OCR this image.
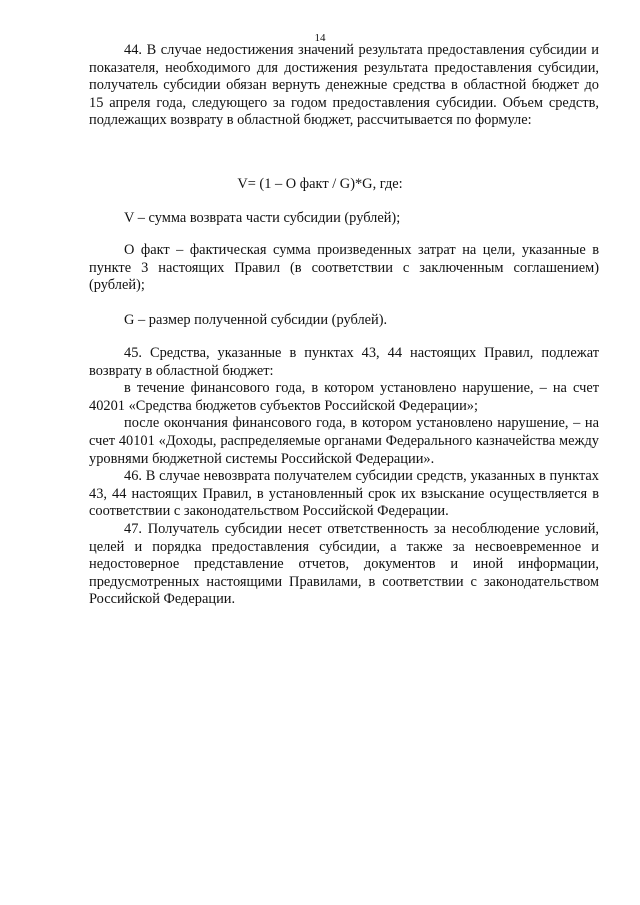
14

44. В случае недостижения значений результата предоставления субсидии и показателя, необходимого для достижения результата предоставления субсидии, получатель субсидии обязан вернуть денежные средства в областной бюджет до 15 апреля года, следующего за годом предоставления субсидии. Объем средств, подлежащих возврату в областной бюджет, рассчитывается по формуле:

V= (1 – О факт / G)*G, где:

V – сумма возврата части субсидии (рублей);

О факт – фактическая сумма произведенных затрат на цели, указанные в пункте 3 настоящих Правил (в соответствии с заключенным соглашением) (рублей);

G – размер полученной субсидии (рублей).

45. Средства, указанные в пунктах 43, 44 настоящих Правил, подлежат возврату в областной бюджет:

в течение финансового года, в котором установлено нарушение, – на счет 40201 «Средства бюджетов субъектов Российской Федерации»;

после окончания финансового года, в котором установлено нарушение, – на счет 40101 «Доходы, распределяемые органами Федерального казначейства между уровнями бюджетной системы Российской Федерации».

46. В случае невозврата получателем субсидии средств, указанных в пунктах 43, 44 настоящих Правил, в установленный срок их взыскание осуществляется в соответствии с законодательством Российской Федерации.

47. Получатель субсидии несет ответственность за несоблюдение условий, целей и порядка предоставления субсидии, а также за несвоевременное и недостоверное представление отчетов, документов и иной информации, предусмотренных настоящими Правилами, в соответствии с законодательством Российской Федерации.
